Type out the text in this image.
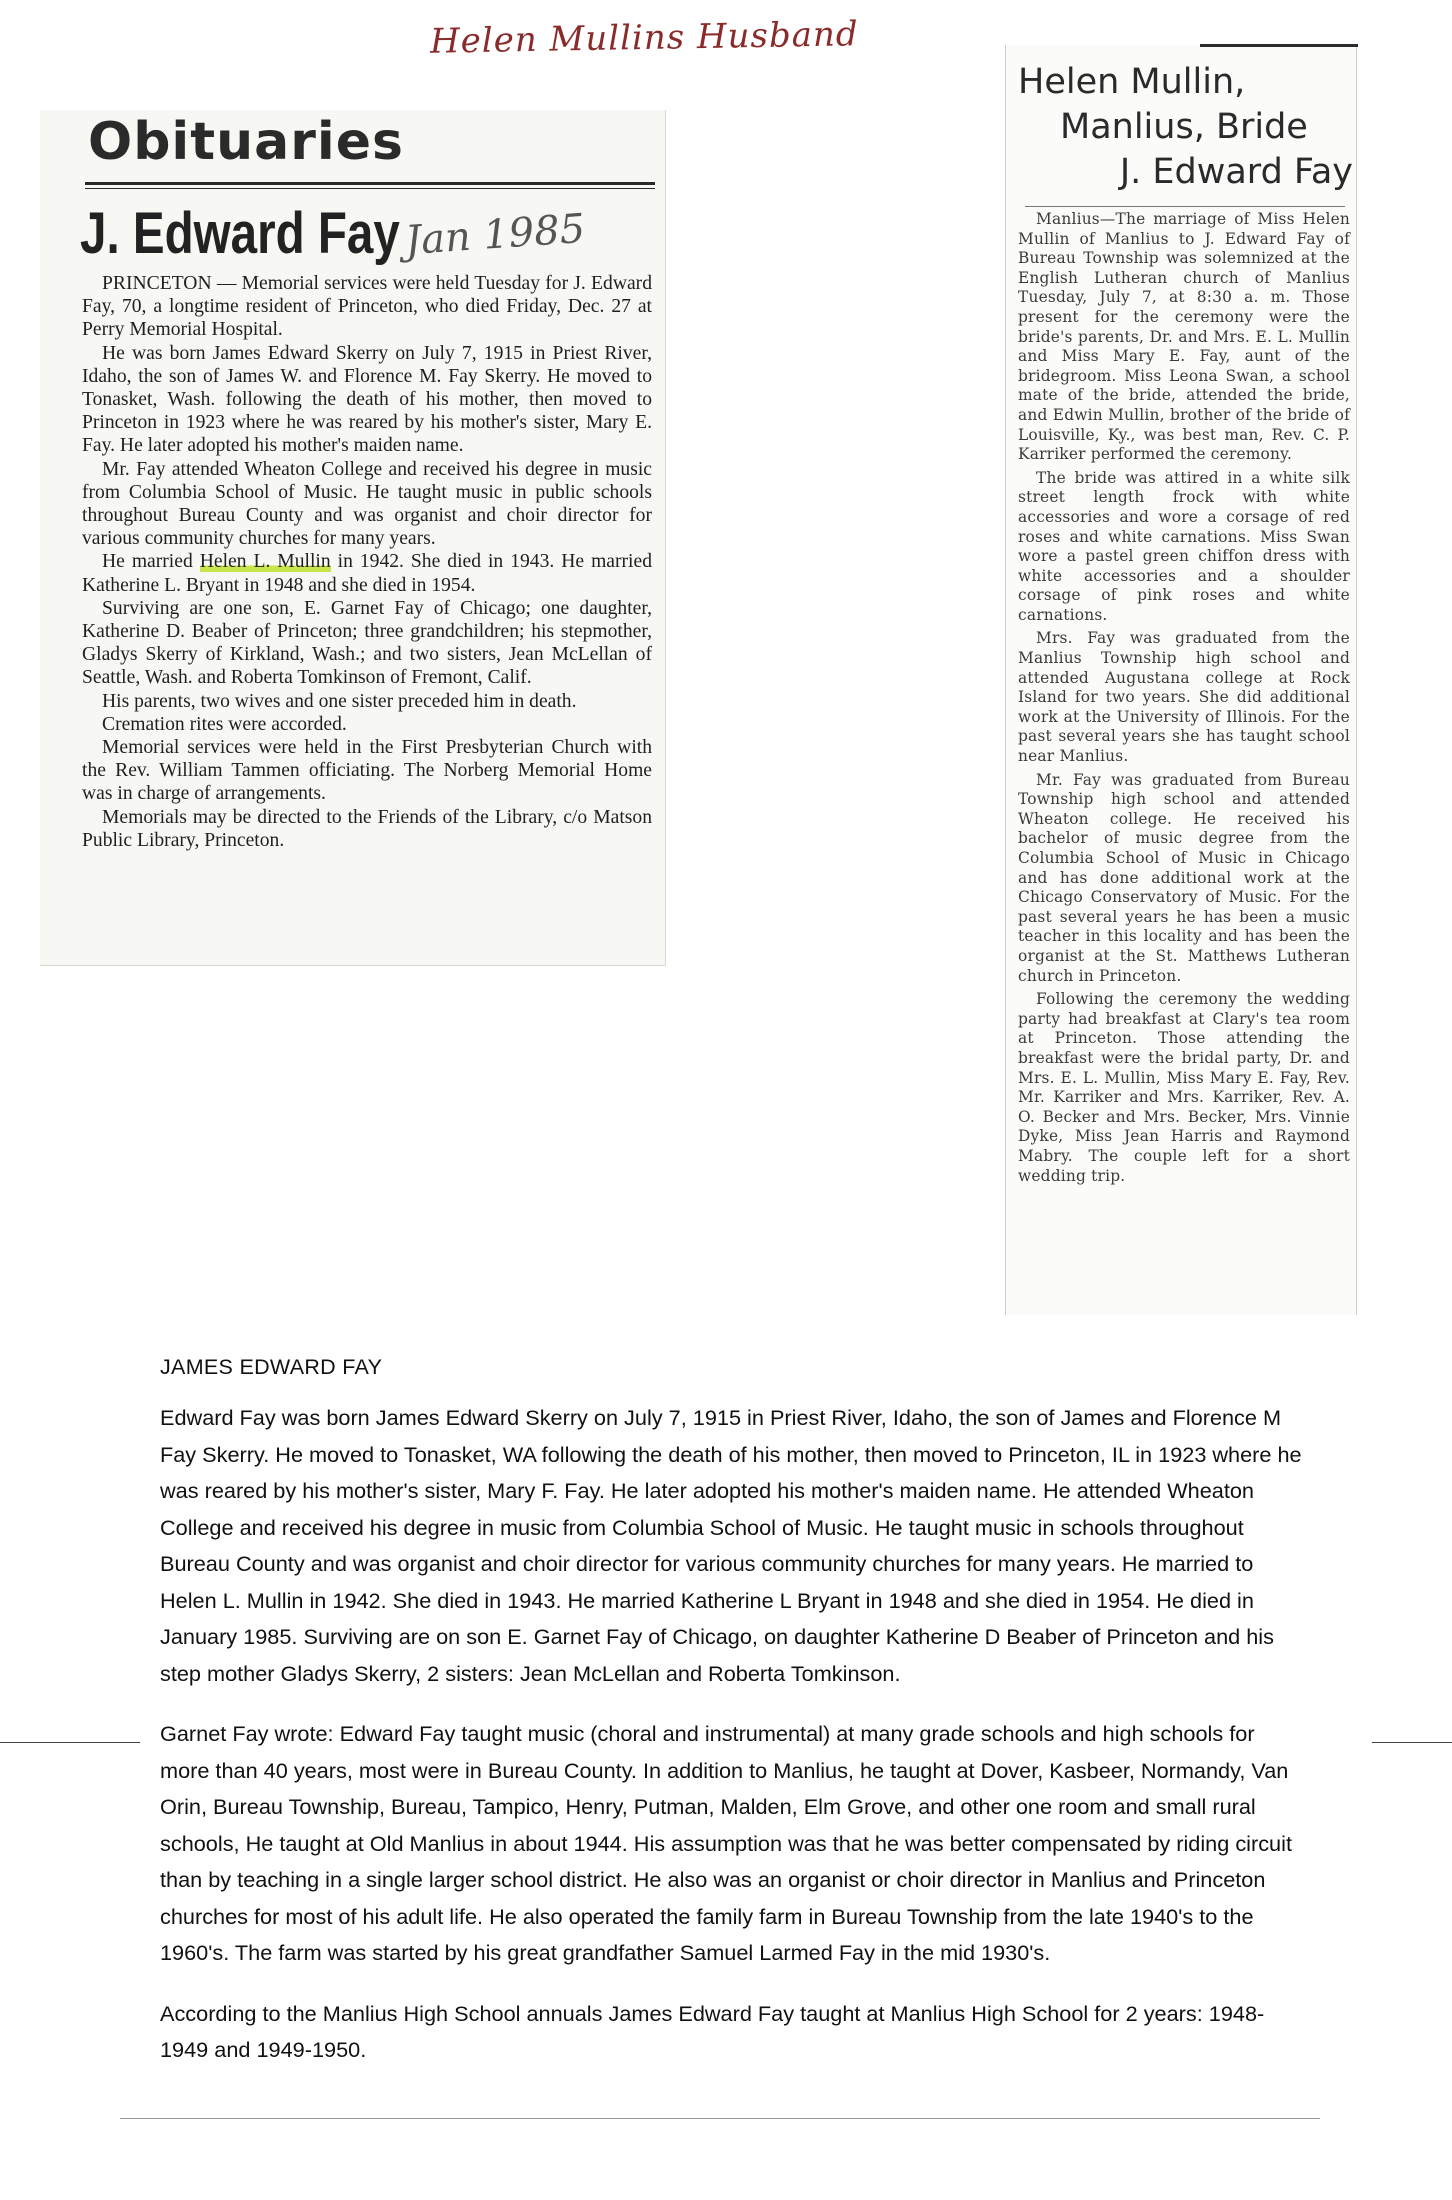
Helen Mullins Husband
Obituaries
J. Edward Fay Jan 1985

PRINCETON — Memorial services were held Tuesday for J. Edward Fay, 70, a longtime resident of Princeton, who died Friday, Dec. 27 at Perry Memorial Hospital.

He was born James Edward Skerry on July 7, 1915 in Priest River, Idaho, the son of James W. and Florence M. Fay Skerry. He moved to Tonasket, Wash. following the death of his mother, then moved to Princeton in 1923 where he was reared by his mother's sister, Mary E. Fay. He later adopted his mother's maiden name.

Mr. Fay attended Wheaton College and received his degree in music from Columbia School of Music. He taught music in public schools throughout Bureau County and was organist and choir director for various community churches for many years.

He married Helen L. Mullin in 1942. She died in 1943. He married Katherine L. Bryant in 1948 and she died in 1954.

Surviving are one son, E. Garnet Fay of Chicago; one daughter, Katherine D. Beaber of Princeton; three grandchildren; his stepmother, Gladys Skerry of Kirkland, Wash.; and two sisters, Jean McLellan of Seattle, Wash. and Roberta Tomkinson of Fremont, Calif.

His parents, two wives and one sister preceded him in death.

Cremation rites were accorded.

Memorial services were held in the First Presbyterian Church with the Rev. William Tammen officiating. The Norberg Memorial Home was in charge of arrangements.

Memorials may be directed to the Friends of the Library, c/o Matson Public Library, Princeton.

Helen Mullin,
Manlius, Bride
J. Edward Fay

Manlius—The marriage of Miss Helen Mullin of Manlius to J. Edward Fay of Bureau Township was solemnized at the English Lutheran church of Manlius Tuesday, July 7, at 8:30 a. m. Those present for the ceremony were the bride's parents, Dr. and Mrs. E. L. Mullin and Miss Mary E. Fay, aunt of the bridegroom. Miss Leona Swan, a school mate of the bride, attended the bride, and Edwin Mullin, brother of the bride of Louisville, Ky., was best man, Rev. C. P. Karriker performed the ceremony.

The bride was attired in a white silk street length frock with white accessories and wore a corsage of red roses and white carnations. Miss Swan wore a pastel green chiffon dress with white accessories and a shoulder corsage of pink roses and white carnations.

Mrs. Fay was graduated from the Manlius Township high school and attended Augustana college at Rock Island for two years. She did additional work at the University of Illinois. For the past several years she has taught school near Manlius.

Mr. Fay was graduated from Bureau Township high school and attended Wheaton college. He received his bachelor of music degree from the Columbia School of Music in Chicago and has done additional work at the Chicago Conservatory of Music. For the past several years he has been a music teacher in this locality and has been the organist at the St. Matthews Lutheran church in Princeton.

Following the ceremony the wedding party had breakfast at Clary's tea room at Princeton. Those attending the breakfast were the bridal party, Dr. and Mrs. E. L. Mullin, Miss Mary E. Fay, Rev. Mr. Karriker and Mrs. Karriker, Rev. A. O. Becker and Mrs. Becker, Mrs. Vinnie Dyke, Miss Jean Harris and Raymond Mabry. The couple left for a short wedding trip.

JAMES EDWARD FAY

Edward Fay was born James Edward Skerry on July 7, 1915 in Priest River, Idaho, the son of James and Florence M Fay Skerry. He moved to Tonasket, WA following the death of his mother, then moved to Princeton, IL in 1923 where he was reared by his mother's sister, Mary F. Fay. He later adopted his mother's maiden name. He attended Wheaton College and received his degree in music from Columbia School of Music. He taught music in schools throughout Bureau County and was organist and choir director for various community churches for many years. He married to Helen L. Mullin in 1942. She died in 1943. He married Katherine L Bryant in 1948 and she died in 1954. He died in January 1985. Surviving are on son E. Garnet Fay of Chicago, on daughter Katherine D Beaber of Princeton and his step mother Gladys Skerry, 2 sisters: Jean McLellan and Roberta Tomkinson.

Garnet Fay wrote: Edward Fay taught music (choral and instrumental) at many grade schools and high schools for more than 40 years, most were in Bureau County. In addition to Manlius, he taught at Dover, Kasbeer, Normandy, Van Orin, Bureau Township, Bureau, Tampico, Henry, Putman, Malden, Elm Grove, and other one room and small rural schools, He taught at Old Manlius in about 1944. His assumption was that he was better compensated by riding circuit than by teaching in a single larger school district. He also was an organist or choir director in Manlius and Princeton churches for most of his adult life. He also operated the family farm in Bureau Township from the late 1940's to the 1960's. The farm was started by his great grandfather Samuel Larmed Fay in the mid 1930's.

According to the Manlius High School annuals James Edward Fay taught at Manlius High School for 2 years: 1948-1949 and 1949-1950.
